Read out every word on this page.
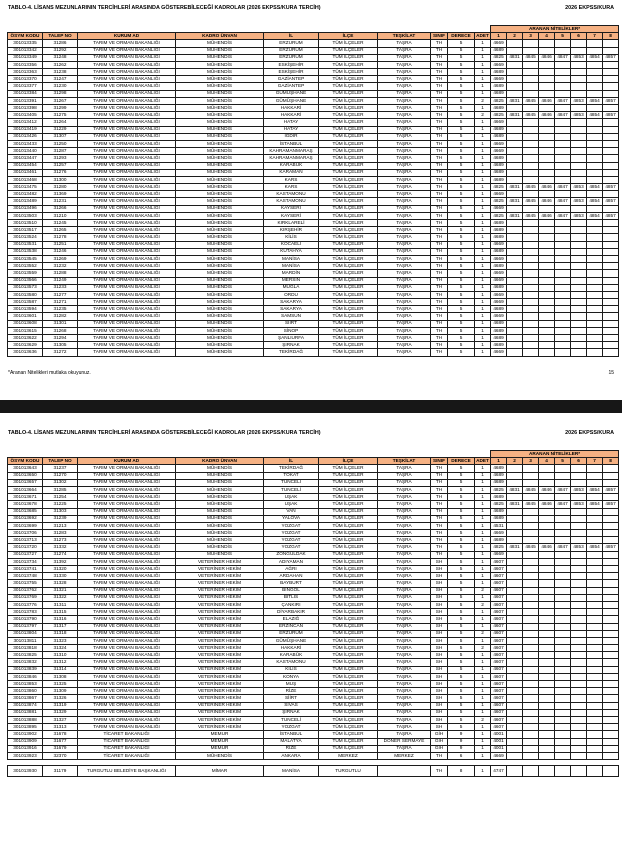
TABLO-4. LİSANS MEZUNLARININ TERCİHLERİ ARASINDA GÖSTEREBİLECEĞİ KADROLAR (2026 EKPSS/KURA TERCİH)	2026 EKPSS/KURA
										ARANAN NİTELİKLER*							
ÖSYM KODU	TALEP NO	KURUM AD	KADRO ÜNVAN	İL	İLÇE	TEŞKİLAT	SINIF	DERECE	ADET	1	2	3	4	5	6	7	8
301013335	31286	TARIM VE ORMAN BAKANLIĞI	MÜHENDİS	ERZURUM	TÜM İLÇELER	TAŞRA	TH	5	1	4669							
301013342	31292	TARIM VE ORMAN BAKANLIĞI	MÜHENDİS	ERZURUM	TÜM İLÇELER	TAŞRA	TH	5	1	4689							
301013349	31248	TARIM VE ORMAN BAKANLIĞI	MÜHENDİS	ERZURUM	TÜM İLÇELER	TAŞRA	TH	5	1	4825	4831	4845	4846	4847	4853	4854	4857
301013356	31262	TARIM VE ORMAN BAKANLIĞI	MÜHENDİS	ESKİŞEHİR	TÜM İLÇELER	TAŞRA	TH	5	1	4669							
301013363	31238	TARIM VE ORMAN BAKANLIĞI	MÜHENDİS	ESKİŞEHİR	TÜM İLÇELER	TAŞRA	TH	5	1	4689							
301013370	31247	TARIM VE ORMAN BAKANLIĞI	MÜHENDİS	GAZİANTEP	TÜM İLÇELER	TAŞRA	TH	5	1	4669							
301013377	31230	TARIM VE ORMAN BAKANLIĞI	MÜHENDİS	GAZİANTEP	TÜM İLÇELER	TAŞRA	TH	5	1	4689							
301013384	31298	TARIM VE ORMAN BAKANLIĞI	MÜHENDİS	GÜMÜŞHANE	TÜM İLÇELER	TAŞRA	TH	5	1	4689							
301013391	31267	TARIM VE ORMAN BAKANLIĞI	MÜHENDİS	GÜMÜŞHANE	TÜM İLÇELER	TAŞRA	TH	5	2	4825	4831	4845	4846	4847	4853	4854	4857
301013398	31299	TARIM VE ORMAN BAKANLIĞI	MÜHENDİS	HAKKARİ	TÜM İLÇELER	TAŞRA	TH	5	1	4689							
301013405	31275	TARIM VE ORMAN BAKANLIĞI	MÜHENDİS	HAKKARİ	TÜM İLÇELER	TAŞRA	TH	5	2	4825	4831	4845	4846	4847	4853	4854	4857
301013412	31264	TARIM VE ORMAN BAKANLIĞI	MÜHENDİS	HATAY	TÜM İLÇELER	TAŞRA	TH	5	1	4669							
301013419	31229	TARIM VE ORMAN BAKANLIĞI	MÜHENDİS	HATAY	TÜM İLÇELER	TAŞRA	TH	5	1	4689							
301013426	31307	TARIM VE ORMAN BAKANLIĞI	MÜHENDİS	IĞDIR	TÜM İLÇELER	TAŞRA	TH	5	1	4689							
301013433	31250	TARIM VE ORMAN BAKANLIĞI	MÜHENDİS	İSTANBUL	TÜM İLÇELER	TAŞRA	TH	5	1	4669							
301013440	31287	TARIM VE ORMAN BAKANLIĞI	MÜHENDİS	KAHRAMANMARAŞ	TÜM İLÇELER	TAŞRA	TH	5	1	4669							
301013447	31293	TARIM VE ORMAN BAKANLIĞI	MÜHENDİS	KAHRAMANMARAŞ	TÜM İLÇELER	TAŞRA	TH	5	1	4689							
301013454	31257	TARIM VE ORMAN BAKANLIĞI	MÜHENDİS	KARABÜK	TÜM İLÇELER	TAŞRA	TH	5	1	4689							
301013461	31276	TARIM VE ORMAN BAKANLIĞI	MÜHENDİS	KARAMAN	TÜM İLÇELER	TAŞRA	TH	5	1	4689							
301013468	31300	TARIM VE ORMAN BAKANLIĞI	MÜHENDİS	KARS	TÜM İLÇELER	TAŞRA	TH	5	1	4689							
301013475	31280	TARIM VE ORMAN BAKANLIĞI	MÜHENDİS	KARS	TÜM İLÇELER	TAŞRA	TH	5	1	4825	4831	4845	4846	4847	4853	4854	4857
301013482	31369	TARIM VE ORMAN BAKANLIĞI	MÜHENDİS	KASTAMONU	TÜM İLÇELER	TAŞRA	TH	5	1	4669							
301013489	31231	TARIM VE ORMAN BAKANLIĞI	MÜHENDİS	KASTAMONU	TÜM İLÇELER	TAŞRA	TH	5	1	4825	4831	4845	4846	4847	4853	4854	4857
301013496	31266	TARIM VE ORMAN BAKANLIĞI	MÜHENDİS	KAYSERİ	TÜM İLÇELER	TAŞRA	TH	5	1	4669							
301013503	31210	TARIM VE ORMAN BAKANLIĞI	MÜHENDİS	KAYSERİ	TÜM İLÇELER	TAŞRA	TH	5	1	4825	4831	4845	4846	4847	4853	4854	4857
301013510	31245	TARIM VE ORMAN BAKANLIĞI	MÜHENDİS	KIRKLARELİ	TÜM İLÇELER	TAŞRA	TH	5	1	4689							
301013517	31265	TARIM VE ORMAN BAKANLIĞI	MÜHENDİS	KIRŞEHİR	TÜM İLÇELER	TAŞRA	TH	5	1	4689							
301013524	31278	TARIM VE ORMAN BAKANLIĞI	MÜHENDİS	KİLİS	TÜM İLÇELER	TAŞRA	TH	5	1	4689							
301013531	31251	TARIM VE ORMAN BAKANLIĞI	MÜHENDİS	KOCAELİ	TÜM İLÇELER	TAŞRA	TH	5	1	4669							
301013538	31246	TARIM VE ORMAN BAKANLIĞI	MÜHENDİS	KÜTAHYA	TÜM İLÇELER	TAŞRA	TH	5	1	4689							
301013545	31269	TARIM VE ORMAN BAKANLIĞI	MÜHENDİS	MANİSA	TÜM İLÇELER	TAŞRA	TH	5	1	4669							
301013552	31232	TARIM VE ORMAN BAKANLIĞI	MÜHENDİS	MANİSA	TÜM İLÇELER	TAŞRA	TH	5	1	4689							
301013559	31288	TARIM VE ORMAN BAKANLIĞI	MÜHENDİS	MARDİN	TÜM İLÇELER	TAŞRA	TH	5	1	4669							
301013566	31249	TARIM VE ORMAN BAKANLIĞI	MÜHENDİS	MERSİN	TÜM İLÇELER	TAŞRA	TH	5	1	4669							
301013573	31233	TARIM VE ORMAN BAKANLIĞI	MÜHENDİS	MUĞLA	TÜM İLÇELER	TAŞRA	TH	5	1	4689							
301013580	31277	TARIM VE ORMAN BAKANLIĞI	MÜHENDİS	ORDU	TÜM İLÇELER	TAŞRA	TH	5	1	4669							
301013587	31271	TARIM VE ORMAN BAKANLIĞI	MÜHENDİS	SAKARYA	TÜM İLÇELER	TAŞRA	TH	5	1	4669							
301013594	31235	TARIM VE ORMAN BAKANLIĞI	MÜHENDİS	SAKARYA	TÜM İLÇELER	TAŞRA	TH	5	1	4689							
301013601	31282	TARIM VE ORMAN BAKANLIĞI	MÜHENDİS	SAMSUN	TÜM İLÇELER	TAŞRA	TH	5	1	4669							
301013608	31301	TARIM VE ORMAN BAKANLIĞI	MÜHENDİS	SİİRT	TÜM İLÇELER	TAŞRA	TH	5	1	4689							
301013615	31268	TARIM VE ORMAN BAKANLIĞI	MÜHENDİS	SİNOP	TÜM İLÇELER	TAŞRA	TH	5	1	4689							
301013622	31294	TARIM VE ORMAN BAKANLIĞI	MÜHENDİS	ŞANLIURFA	TÜM İLÇELER	TAŞRA	TH	5	1	4689							
301013629	31305	TARIM VE ORMAN BAKANLIĞI	MÜHENDİS	ŞIRNAK	TÜM İLÇELER	TAŞRA	TH	5	1	4689							
301013636	31272	TARIM VE ORMAN BAKANLIĞI	MÜHENDİS	TEKİRDAĞ	TÜM İLÇELER	TAŞRA	TH	5	1	4669							
*Aranan Nitelikleri mutlaka okuyunuz.	15
TABLO-4. LİSANS MEZUNLARININ TERCİHLERİ ARASINDA GÖSTEREBİLECEĞİ KADROLAR (2026 EKPSS/KURA TERCİH)	2026 EKPSS/KURA
										ARANAN NİTELİKLER*							
ÖSYM KODU	TALEP NO	KURUM AD	KADRO ÜNVAN	İL	İLÇE	TEŞKİLAT	SINIF	DERECE	ADET	1	2	3	4	5	6	7	8
301013643	31237	TARIM VE ORMAN BAKANLIĞI	MÜHENDİS	TEKİRDAĞ	TÜM İLÇELER	TAŞRA	TH	5	1	4689							
301013650	31270	TARIM VE ORMAN BAKANLIĞI	MÜHENDİS	TOKAT	TÜM İLÇELER	TAŞRA	TH	5	1	4689							
301013657	31302	TARIM VE ORMAN BAKANLIĞI	MÜHENDİS	TUNCELİ	TÜM İLÇELER	TAŞRA	TH	5	1	4689							
301013664	31285	TARIM VE ORMAN BAKANLIĞI	MÜHENDİS	TUNCELİ	TÜM İLÇELER	TAŞRA	TH	5	1	4825	4831	4845	4846	4847	4853	4854	4857
301013671	31254	TARIM VE ORMAN BAKANLIĞI	MÜHENDİS	UŞAK	TÜM İLÇELER	TAŞRA	TH	5	1	4689							
301013678	31225	TARIM VE ORMAN BAKANLIĞI	MÜHENDİS	UŞAK	TÜM İLÇELER	TAŞRA	TH	5	1	4825	4831	4845	4846	4847	4853	4854	4857
301013685	31303	TARIM VE ORMAN BAKANLIĞI	MÜHENDİS	VAN	TÜM İLÇELER	TAŞRA	TH	5	1	4689							
301013692	31239	TARIM VE ORMAN BAKANLIĞI	MÜHENDİS	YALOVA	TÜM İLÇELER	TAŞRA	TH	5	1	4689							
301013699	31213	TARIM VE ORMAN BAKANLIĞI	MÜHENDİS	YOZGAT	TÜM İLÇELER	TAŞRA	TH	5	1	4531							
301013706	31283	TARIM VE ORMAN BAKANLIĞI	MÜHENDİS	YOZGAT	TÜM İLÇELER	TAŞRA	TH	5	1	4669							
301013713	31273	TARIM VE ORMAN BAKANLIĞI	MÜHENDİS	YOZGAT	TÜM İLÇELER	TAŞRA	TH	5	1	4689							
301013720	31332	TARIM VE ORMAN BAKANLIĞI	MÜHENDİS	YOZGAT	TÜM İLÇELER	TAŞRA	TH	5	1	4825	4831	4845	4846	4847	4853	4854	4857
301013727	31274	TARIM VE ORMAN BAKANLIĞI	MÜHENDİS	ZONGULDAK	TÜM İLÇELER	TAŞRA	TH	5	1	4669							
301013734	31392	TARIM VE ORMAN BAKANLIĞI	VETERİNER HEKİM	ADIYAMAN	TÜM İLÇELER	TAŞRA	SH	5	1	4607							
301013741	31320	TARIM VE ORMAN BAKANLIĞI	VETERİNER HEKİM	AĞRI	TÜM İLÇELER	TAŞRA	SH	5	1	4607							
301013748	31330	TARIM VE ORMAN BAKANLIĞI	VETERİNER HEKİM	ARDAHAN	TÜM İLÇELER	TAŞRA	SH	5	1	4607							
301013755	31328	TARIM VE ORMAN BAKANLIĞI	VETERİNER HEKİM	BAYBURT	TÜM İLÇELER	TAŞRA	SH	5	1	4607							
301013762	31321	TARIM VE ORMAN BAKANLIĞI	VETERİNER HEKİM	BİNGÖL	TÜM İLÇELER	TAŞRA	SH	5	2	4607							
301013769	31322	TARIM VE ORMAN BAKANLIĞI	VETERİNER HEKİM	BİTLİS	TÜM İLÇELER	TAŞRA	SH	5	1	4607							
301013776	31311	TARIM VE ORMAN BAKANLIĞI	VETERİNER HEKİM	ÇANKIRI	TÜM İLÇELER	TAŞRA	SH	5	2	4607							
301013783	31315	TARIM VE ORMAN BAKANLIĞI	VETERİNER HEKİM	DİYARBAKIR	TÜM İLÇELER	TAŞRA	SH	5	1	4607							
301013790	31316	TARIM VE ORMAN BAKANLIĞI	VETERİNER HEKİM	ELAZIĞ	TÜM İLÇELER	TAŞRA	SH	5	1	4607							
301013797	31317	TARIM VE ORMAN BAKANLIĞI	VETERİNER HEKİM	ERZİNCAN	TÜM İLÇELER	TAŞRA	SH	5	1	4607							
301013804	31318	TARIM VE ORMAN BAKANLIĞI	VETERİNER HEKİM	ERZURUM	TÜM İLÇELER	TAŞRA	SH	5	2	4607							
301013811	31323	TARIM VE ORMAN BAKANLIĞI	VETERİNER HEKİM	GÜMÜŞHANE	TÜM İLÇELER	TAŞRA	SH	5	1	4607							
301013818	31324	TARIM VE ORMAN BAKANLIĞI	VETERİNER HEKİM	HAKKARİ	TÜM İLÇELER	TAŞRA	SH	5	2	4607							
301013825	31310	TARIM VE ORMAN BAKANLIĞI	VETERİNER HEKİM	KARABÜK	TÜM İLÇELER	TAŞRA	SH	5	1	4607							
301013832	31312	TARIM VE ORMAN BAKANLIĞI	VETERİNER HEKİM	KASTAMONU	TÜM İLÇELER	TAŞRA	SH	5	1	4607							
301013839	31314	TARIM VE ORMAN BAKANLIĞI	VETERİNER HEKİM	KİLİS	TÜM İLÇELER	TAŞRA	SH	5	1	4607							
301013846	31308	TARIM VE ORMAN BAKANLIĞI	VETERİNER HEKİM	KONYA	TÜM İLÇELER	TAŞRA	SH	5	1	4607							
301013853	31325	TARIM VE ORMAN BAKANLIĞI	VETERİNER HEKİM	MUŞ	TÜM İLÇELER	TAŞRA	SH	5	1	4607							
301013860	31309	TARIM VE ORMAN BAKANLIĞI	VETERİNER HEKİM	RİZE	TÜM İLÇELER	TAŞRA	SH	5	1	4607							
301013867	31326	TARIM VE ORMAN BAKANLIĞI	VETERİNER HEKİM	SİİRT	TÜM İLÇELER	TAŞRA	SH	5	1	4607							
301013874	31319	TARIM VE ORMAN BAKANLIĞI	VETERİNER HEKİM	SİVAS	TÜM İLÇELER	TAŞRA	SH	5	1	4607							
301013881	31329	TARIM VE ORMAN BAKANLIĞI	VETERİNER HEKİM	ŞIRNAK	TÜM İLÇELER	TAŞRA	SH	5	1	4607							
301013888	31327	TARIM VE ORMAN BAKANLIĞI	VETERİNER HEKİM	TUNCELİ	TÜM İLÇELER	TAŞRA	SH	5	2	4607							
301013895	31313	TARIM VE ORMAN BAKANLIĞI	VETERİNER HEKİM	YOZGAT	TÜM İLÇELER	TAŞRA	SH	5	1	4607							
301013902	31678	TİCARET BAKANLIĞI	MEMUR	İSTANBUL	TÜM İLÇELER	TAŞRA	GİH	9	1	4001							
301013909	31677	TİCARET BAKANLIĞI	MEMUR	MALATYA	TÜM İLÇELER	DÖNER SERMAYE	GİH	9	1	4001							
301013916	31679	TİCARET BAKANLIĞI	MEMUR	RİZE	TÜM İLÇELER	TAŞRA	GİH	9	1	4001							
301013923	32370	TİCARET BAKANLIĞI	MÜHENDİS	ANKARA	MERKEZ	MERKEZ	TH	6	1	4669							
301013930	31179	TURGUTLU BELEDİYE BAŞKANLIĞI	MİMAR	MANİSA	TURGUTLU		TH	8	1	4747							
